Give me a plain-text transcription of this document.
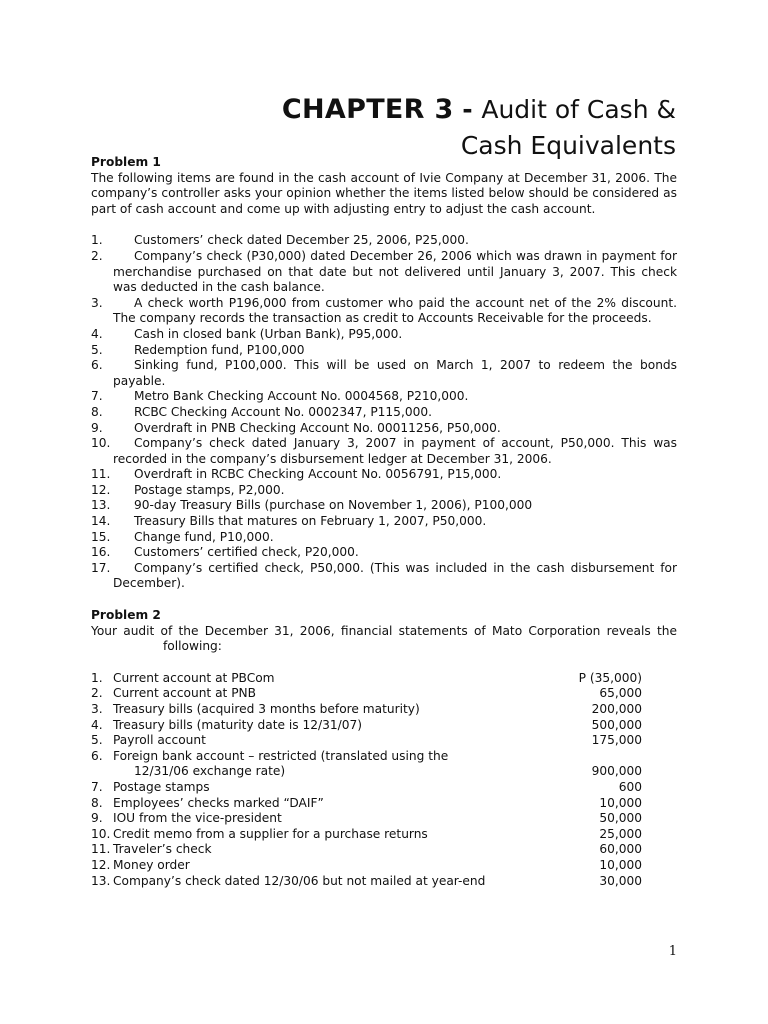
CHAPTER 3 - Audit of Cash &
Cash Equivalents

Problem 1

The following items are found in the cash account of Ivie Company at December 31, 2006. The company’s controller asks your opinion whether the items listed below should be considered as part of cash account and come up with adjusting entry to adjust the cash account.

1.	Customers’ check dated December 25, 2006, P25,000.
2.	Company’s check (P30,000) dated December 26, 2006 which was drawn in payment for merchandise purchased on that date but not delivered until January 3, 2007. This check was deducted in the cash balance.
3.	A check worth P196,000 from customer who paid the account net of the 2% discount. The company records the transaction as credit to Accounts Receivable for the proceeds.
4.	Cash in closed bank (Urban Bank), P95,000.
5.	Redemption fund, P100,000
6.	Sinking fund, P100,000. This will be used on March 1, 2007 to redeem the bonds payable.
7.	Metro Bank Checking Account No. 0004568, P210,000.
8.	RCBC Checking Account No. 0002347, P115,000.
9.	Overdraft in PNB Checking Account No. 00011256, P50,000.
10.	Company’s check dated January 3, 2007 in payment of account, P50,000. This was recorded in the company’s disbursement ledger at December 31, 2006.
11.	Overdraft in RCBC Checking Account No. 0056791, P15,000.
12.	Postage stamps, P2,000.
13.	90-day Treasury Bills (purchase on November 1, 2006), P100,000
14.	Treasury Bills that matures on February 1, 2007, P50,000.
15.	Change fund, P10,000.
16.	Customers’ certified check, P20,000.
17.	Company’s certified check, P50,000. (This was included in the cash disbursement for December).

Problem 2

Your audit of the December 31, 2006, financial statements of Mato Corporation reveals the
following:

1. Current account at PBCom	P (35,000)
2. Current account at PNB	65,000
3. Treasury bills (acquired 3 months before maturity)	200,000
4. Treasury bills (maturity date is 12/31/07)	500,000
5. Payroll account	175,000
6. Foreign bank account – restricted (translated using the
12/31/06 exchange rate)	900,000
7. Postage stamps	600
8. Employees’ checks marked “DAIF”	10,000
9. IOU from the vice-president	50,000
10. Credit memo from a supplier for a purchase returns	25,000
11. Traveler’s check	60,000
12. Money order	10,000
13. Company’s check dated 12/30/06 but not mailed at year-end	30,000
1
